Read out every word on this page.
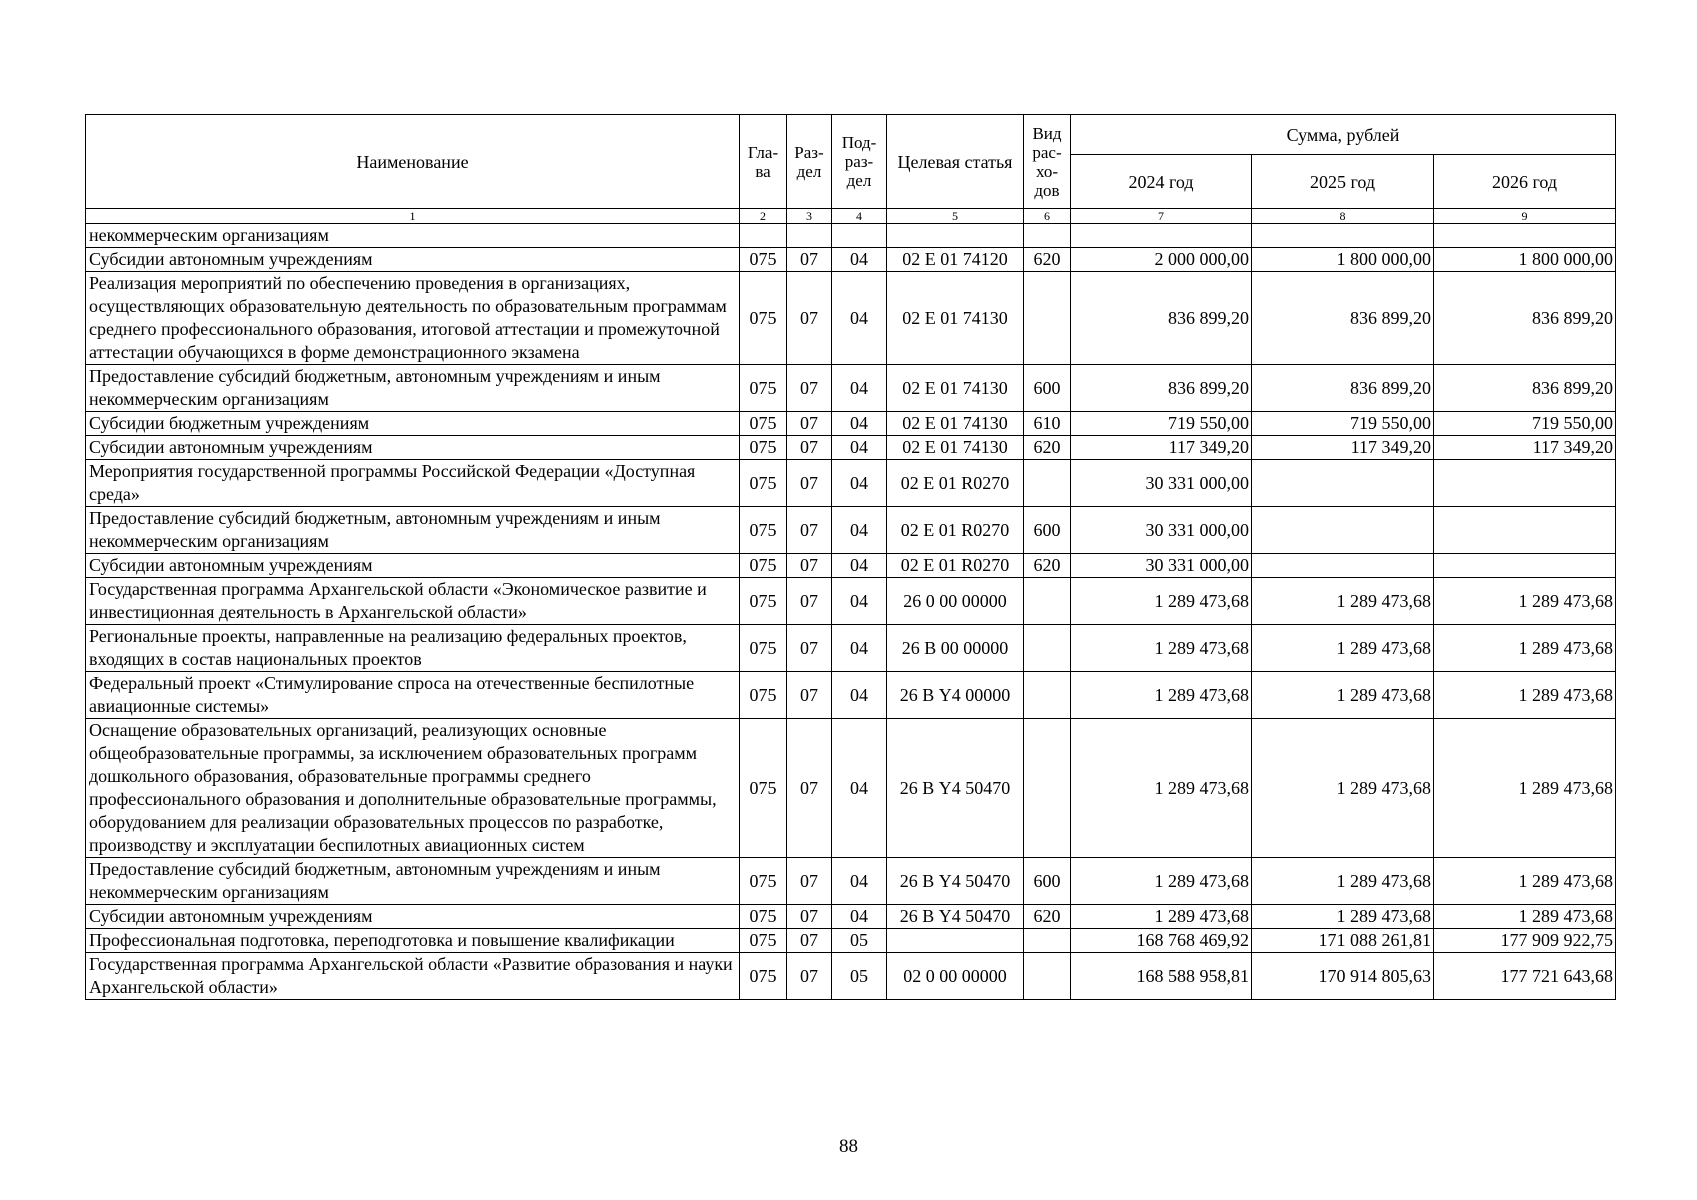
Наименование	Гла-ва	Раз-дел	Под-раз-дел	Целевая статья	Вид рас-хо-дов	Сумма, рублей		
						2024 год	2025 год	2026 год
1	2	3	4	5	6	7	8	9
некоммерческим организациям								
Субсидии автономным учреждениям	075	07	04	02 Е 01 74120	620	2 000 000,00	1 800 000,00	1 800 000,00
Реализация мероприятий по обеспечению проведения в организациях, осуществляющих образовательную деятельность по образовательным программам среднего профессионального образования, итоговой аттестации и промежуточной аттестации обучающихся в форме демонстрационного экзамена	075	07	04	02 Е 01 74130		836 899,20	836 899,20	836 899,20
Предоставление субсидий бюджетным, автономным учреждениям и иным некоммерческим организациям	075	07	04	02 Е 01 74130	600	836 899,20	836 899,20	836 899,20
Субсидии бюджетным учреждениям	075	07	04	02 Е 01 74130	610	719 550,00	719 550,00	719 550,00
Субсидии автономным учреждениям	075	07	04	02 Е 01 74130	620	117 349,20	117 349,20	117 349,20
Мероприятия государственной программы Российской Федерации «Доступная среда»	075	07	04	02 Е 01 R0270		30 331 000,00		
Предоставление субсидий бюджетным, автономным учреждениям и иным некоммерческим организациям	075	07	04	02 Е 01 R0270	600	30 331 000,00		
Субсидии автономным учреждениям	075	07	04	02 Е 01 R0270	620	30 331 000,00		
Государственная программа Архангельской области «Экономическое развитие и инвестиционная деятельность в Архангельской области»	075	07	04	26 0 00 00000		1 289 473,68	1 289 473,68	1 289 473,68
Региональные проекты, направленные на реализацию федеральных проектов, входящих в состав национальных проектов	075	07	04	26 В 00 00000		1 289 473,68	1 289 473,68	1 289 473,68
Федеральный проект «Стимулирование спроса на отечественные беспилотные авиационные системы»	075	07	04	26 В Y4 00000		1 289 473,68	1 289 473,68	1 289 473,68
Оснащение образовательных организаций, реализующих основные общеобразовательные программы, за исключением образовательных программ дошкольного образования, образовательные программы среднего профессионального образования и дополнительные образовательные программы, оборудованием для реализации образовательных процессов по разработке, производству и эксплуатации беспилотных авиационных систем	075	07	04	26 В Y4 50470		1 289 473,68	1 289 473,68	1 289 473,68
Предоставление субсидий бюджетным, автономным учреждениям и иным некоммерческим организациям	075	07	04	26 В Y4 50470	600	1 289 473,68	1 289 473,68	1 289 473,68
Субсидии автономным учреждениям	075	07	04	26 В Y4 50470	620	1 289 473,68	1 289 473,68	1 289 473,68
Профессиональная подготовка, переподготовка и повышение квалификации	075	07	05			168 768 469,92	171 088 261,81	177 909 922,75
Государственная программа Архангельской области «Развитие образования и науки Архангельской области»	075	07	05	02 0 00 00000		168 588 958,81	170 914 805,63	177 721 643,68
88
